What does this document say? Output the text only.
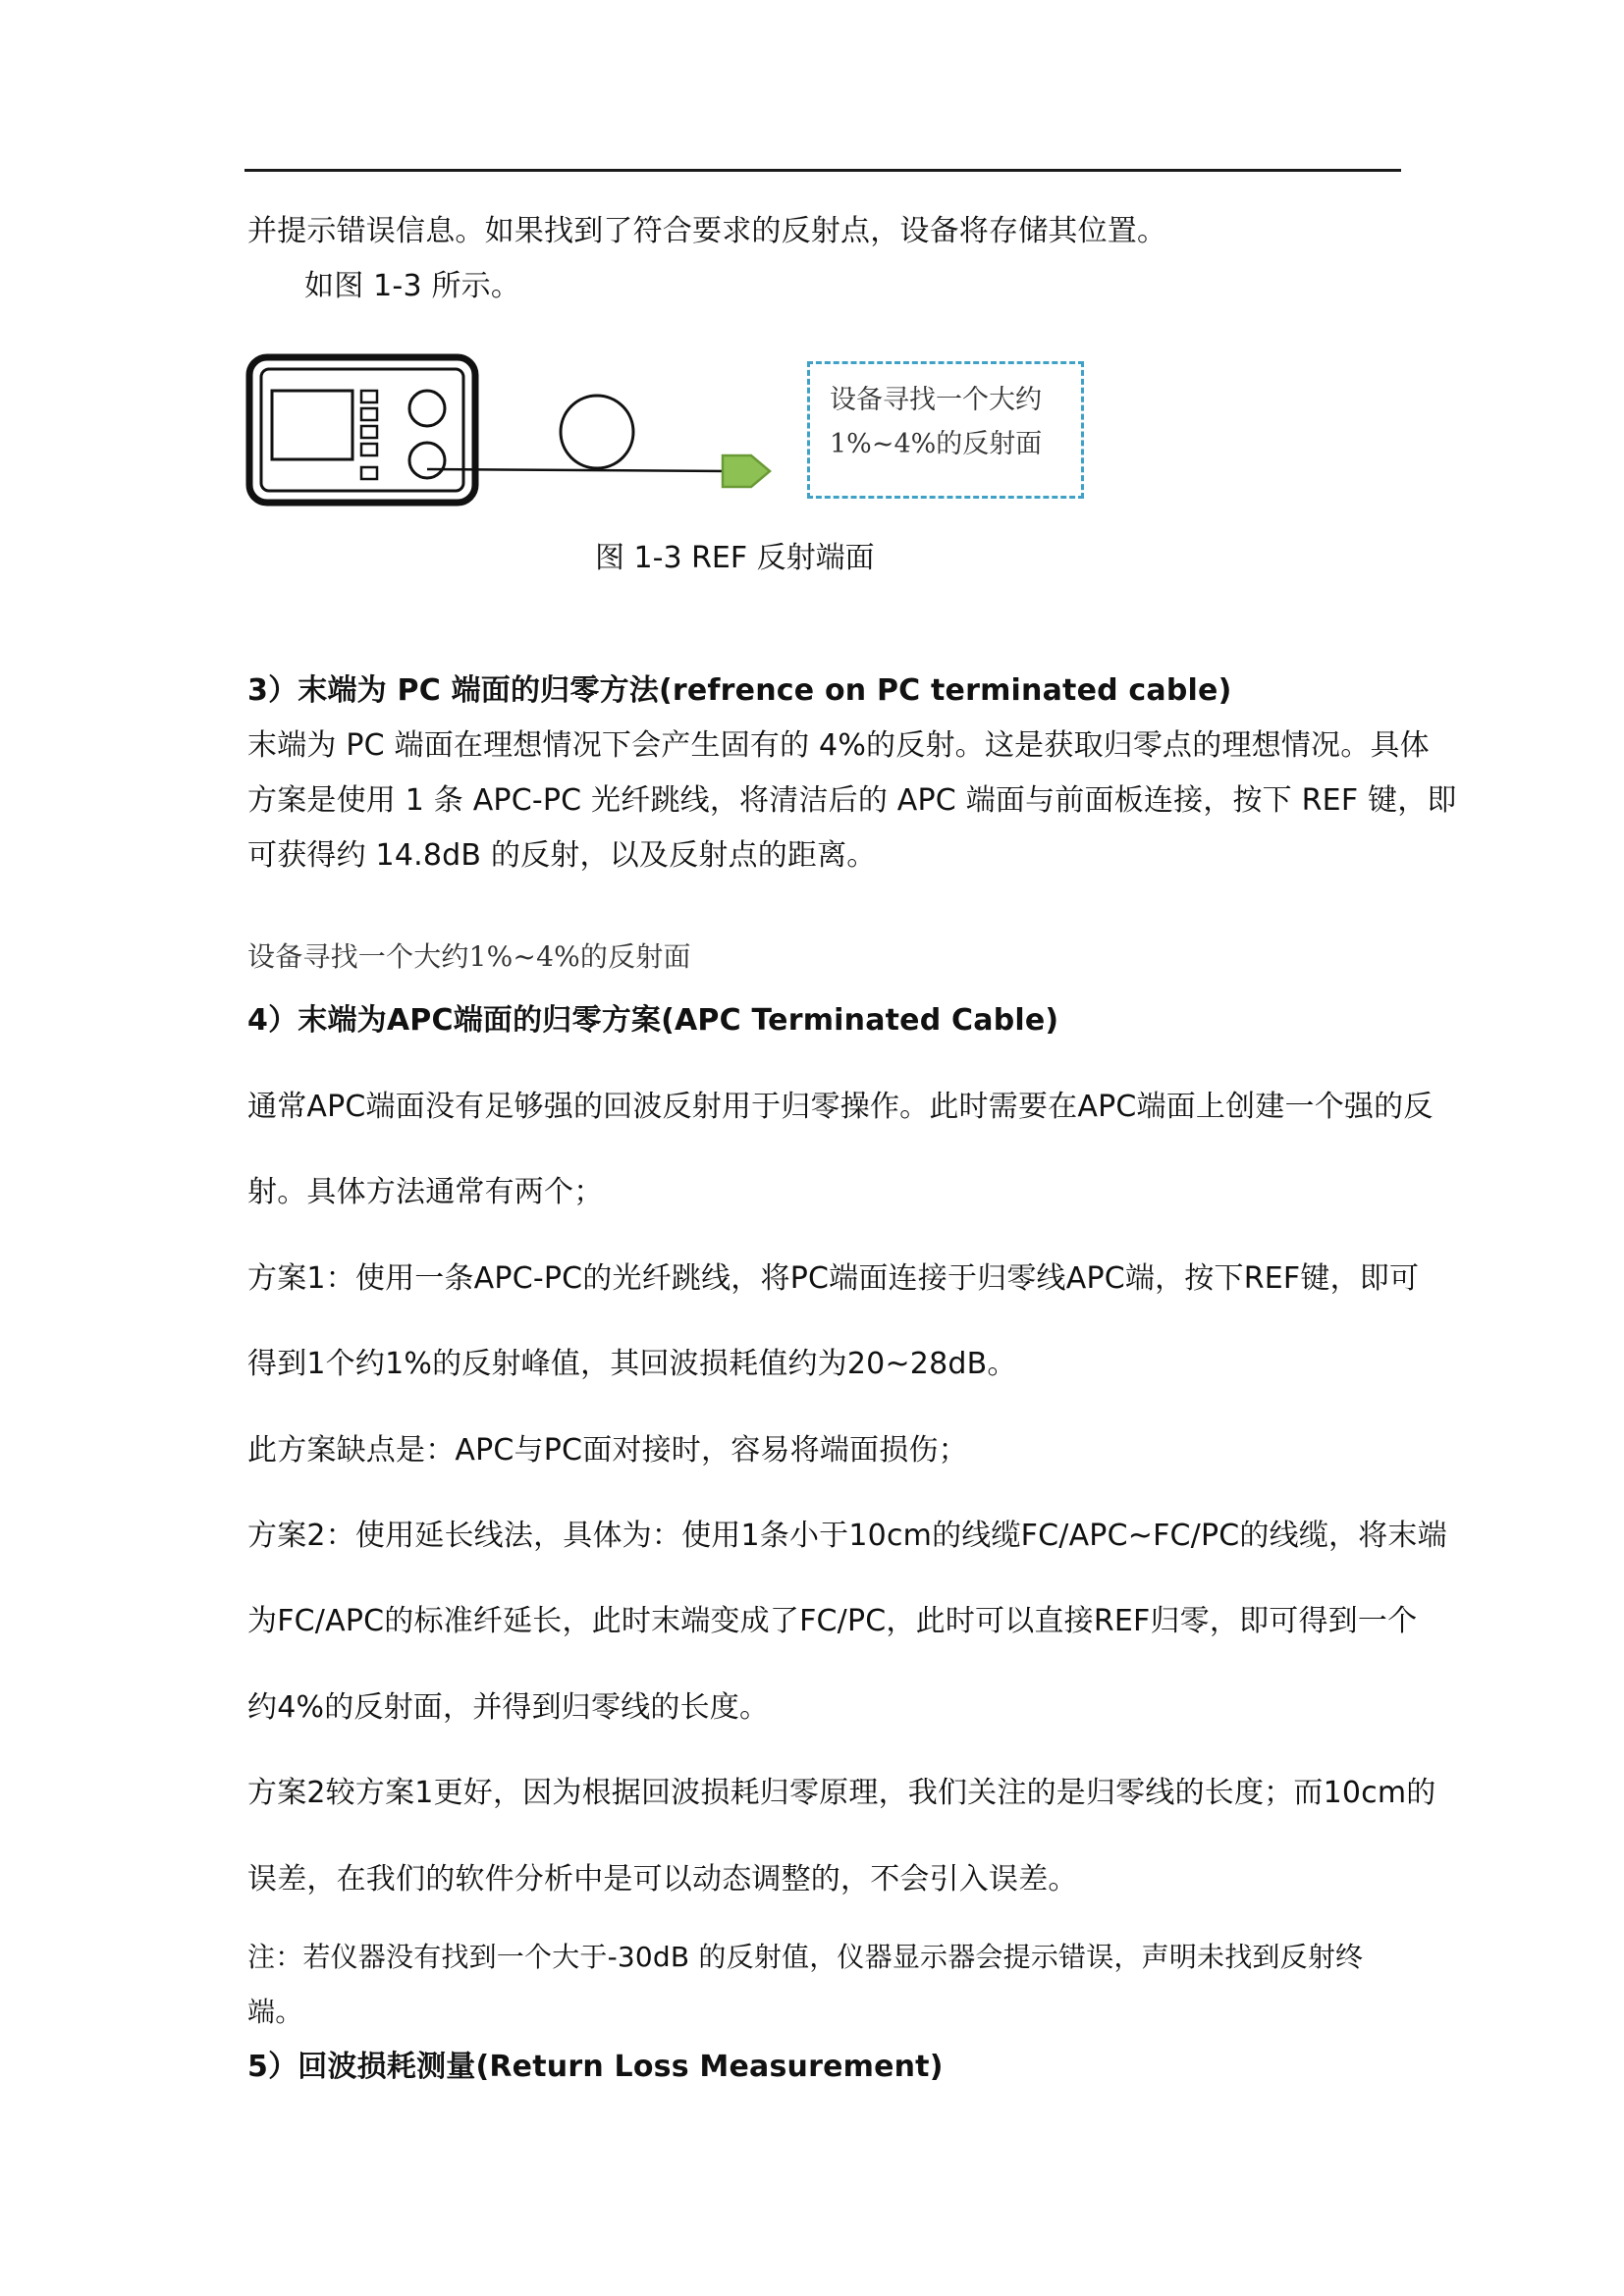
并提示错误信息。如果找到了符合要求的反射点，设备将存储其位置。
如图 1-3 所示。
设备寻找一个大约
1%~4%的反射面
图 1-3 REF 反射端面
3）末端为 PC 端面的归零方法(refrence on PC terminated cable)
末端为 PC 端面在理想情况下会产生固有的 4%的反射。这是获取归零点的理想情况。具体
方案是使用 1 条 APC-PC 光纤跳线，将清洁后的 APC 端面与前面板连接，按下 REF 键，即
可获得约 14.8dB 的反射，以及反射点的距离。
设备寻找一个大约1%~4%的反射面
4）末端为APC端面的归零方案(APC Terminated Cable)
通常APC端面没有足够强的回波反射用于归零操作。此时需要在APC端面上创建一个强的反
射。具体方法通常有两个；
方案1：使用一条APC-PC的光纤跳线，将PC端面连接于归零线APC端，按下REF键，即可
得到1个约1%的反射峰值，其回波损耗值约为20~28dB。
此方案缺点是：APC与PC面对接时，容易将端面损伤；
方案2：使用延长线法，具体为：使用1条小于10cm的线缆FC/APC~FC/PC的线缆，将末端
为FC/APC的标准纤延长，此时末端变成了FC/PC，此时可以直接REF归零，即可得到一个
约4%的反射面，并得到归零线的长度。
方案2较方案1更好，因为根据回波损耗归零原理，我们关注的是归零线的长度；而10cm的
误差，在我们的软件分析中是可以动态调整的，不会引入误差。
注：若仪器没有找到一个大于-30dB 的反射值，仪器显示器会提示错误，声明未找到反射终
端。
5）回波损耗测量(Return Loss Measurement)
